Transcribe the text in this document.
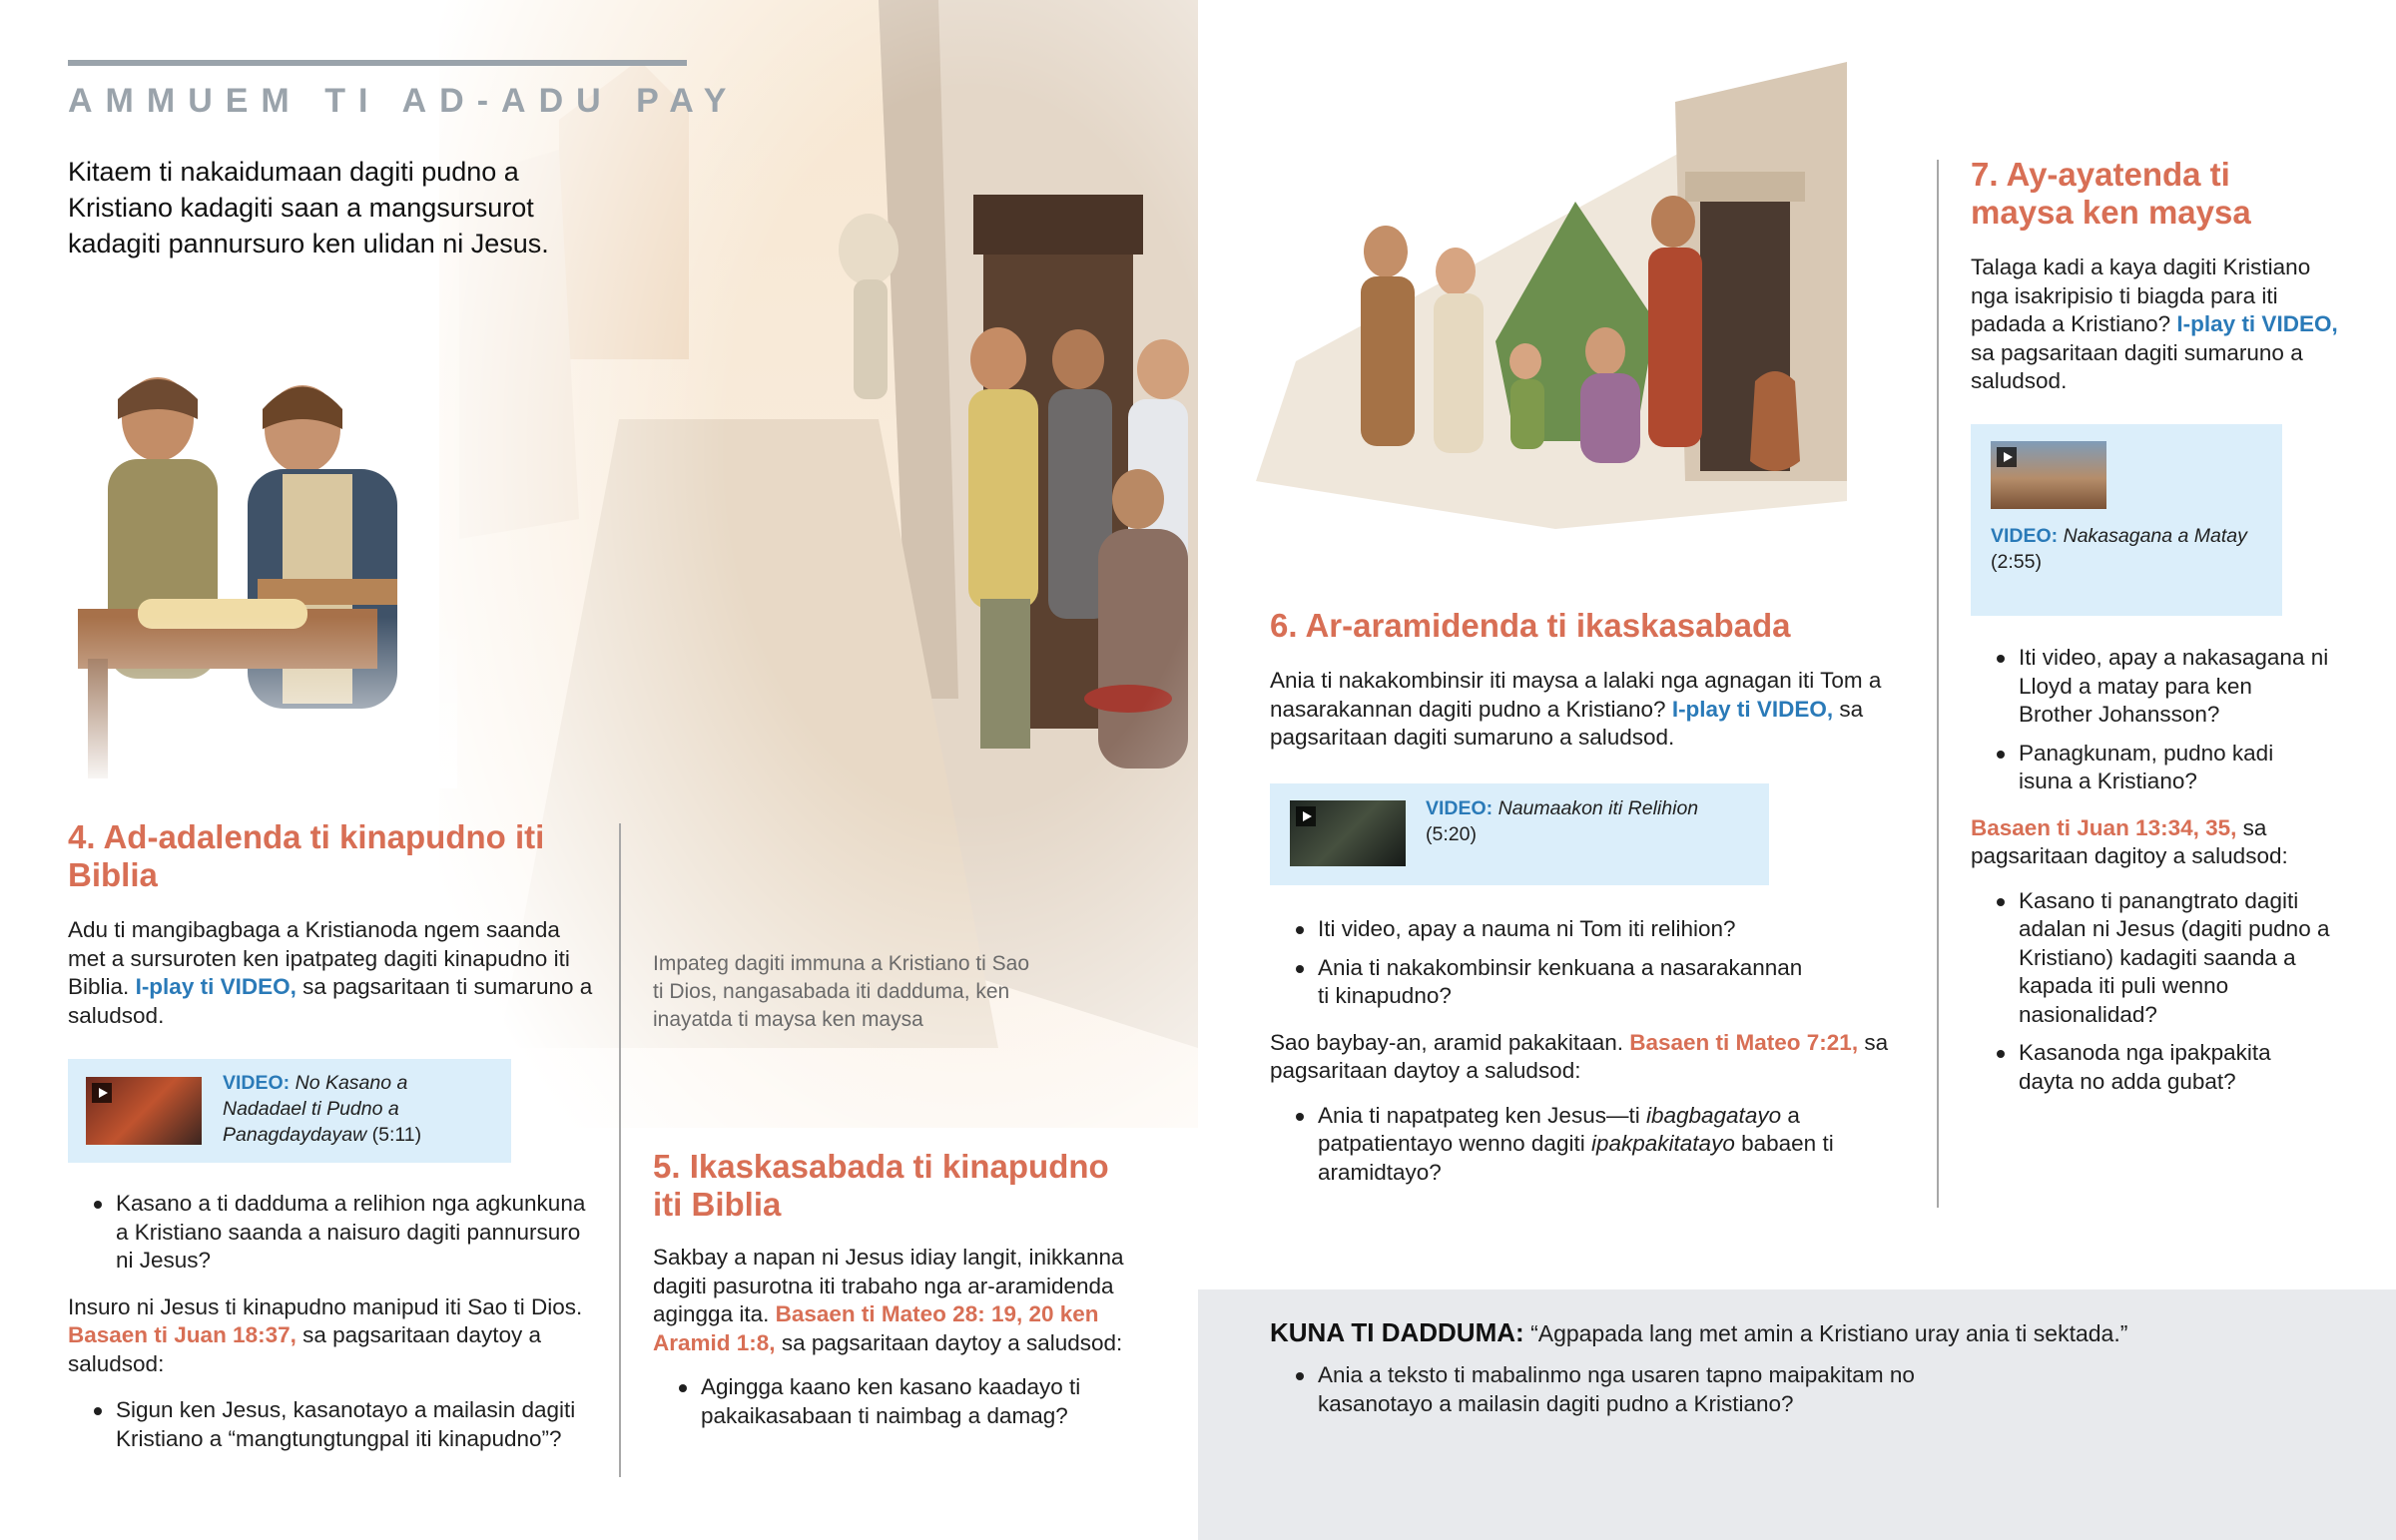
AMMUEM TI AD-ADU PAY
Kitaem ti nakaidumaan dagiti pudno a Kristiano kadagiti saan a mangsursurot kadagiti pannursuro ken ulidan ni Jesus.
Impateg dagiti immuna a Kristiano ti Sao ti Dios, nangasabada iti dadduma, ken inayatda ti maysa ken maysa
4. Ad-adalenda ti kinapudno iti Biblia

Adu ti mangibagbaga a Kristianoda ngem saanda met a sursuroten ken ipatpateg dagiti kinapudno iti Biblia. I-play ti VIDEO, sa pagsaritaan ti sumaruno a saludsod.

VIDEO: No Kasano a Nadadael ti Pudno a Panagdaydayaw (5:11)
Kasano a ti dadduma a relihion nga agkunkuna a Kristiano saanda a naisuro dagiti pannursuro ni Jesus?

Insuro ni Jesus ti kinapudno manipud iti Sao ti Dios. Basaen ti Juan 18:37, sa pagsaritaan daytoy a saludsod:

Sigun ken Jesus, kasanotayo a mailasin dagiti Kristiano a “mangtungtungpal iti kinapudno”?
5. Ikaskasabada ti kinapudno iti Biblia

Sakbay a napan ni Jesus idiay langit, inikkanna dagiti pasurotna iti trabaho nga ar-aramidenda agingga ita. Basaen ti Mateo 28: 19, 20 ken Aramid 1:8, sa pagsaritaan daytoy a saludsod:

Agingga kaano ken kasano kaadayo ti pakaikasabaan ti naimbag a damag?
6. Ar-aramidenda ti ikaskasabada

Ania ti nakakombinsir iti maysa a lalaki nga agnagan iti Tom a nasarakannan dagiti pudno a Kristiano? I-play ti VIDEO, sa pagsaritaan dagiti sumaruno a saludsod.

VIDEO: Naumaakon iti Relihion
(5:20)
Iti video, apay a nauma ni Tom iti relihion?
Ania ti nakakombinsir kenkuana a nasarakannan ti kinapudno?

Sao baybay-an, aramid pakakitaan. Basaen ti Mateo 7:21, sa pagsaritaan daytoy a saludsod:

Ania ti napatpateg ken Jesus—ti ibagbagatayo a patpatientayo wenno dagiti ipakpakitatayo babaen ti aramidtayo?
7. Ay-ayatenda ti maysa ken maysa

Talaga kadi a kaya dagiti Kristiano nga isakripisio ti biagda para iti padada a Kristiano? I-play ti VIDEO, sa pagsaritaan dagiti sumaruno a saludsod.

VIDEO: Nakasagana a Matay
(2:55)
Iti video, apay a nakasagana ni Lloyd a matay para ken Brother Johansson?
Panagkunam, pudno kadi isuna a Kristiano?

Basaen ti Juan 13:34, 35, sa pagsaritaan dagitoy a saludsod:

Kasano ti panangtrato dagiti adalan ni Jesus (dagiti pudno a Kristiano) kadagiti saanda a kapada iti puli wenno nasionalidad?
Kasanoda nga ipakpakita dayta no adda gubat?
KUNA TI DADDUMA: “Agpapada lang met amin a Kristiano uray ania ti sektada.”
Ania a teksto ti mabalinmo nga usaren tapno maipakitam no kasanotayo a mailasin dagiti pudno a Kristiano?
